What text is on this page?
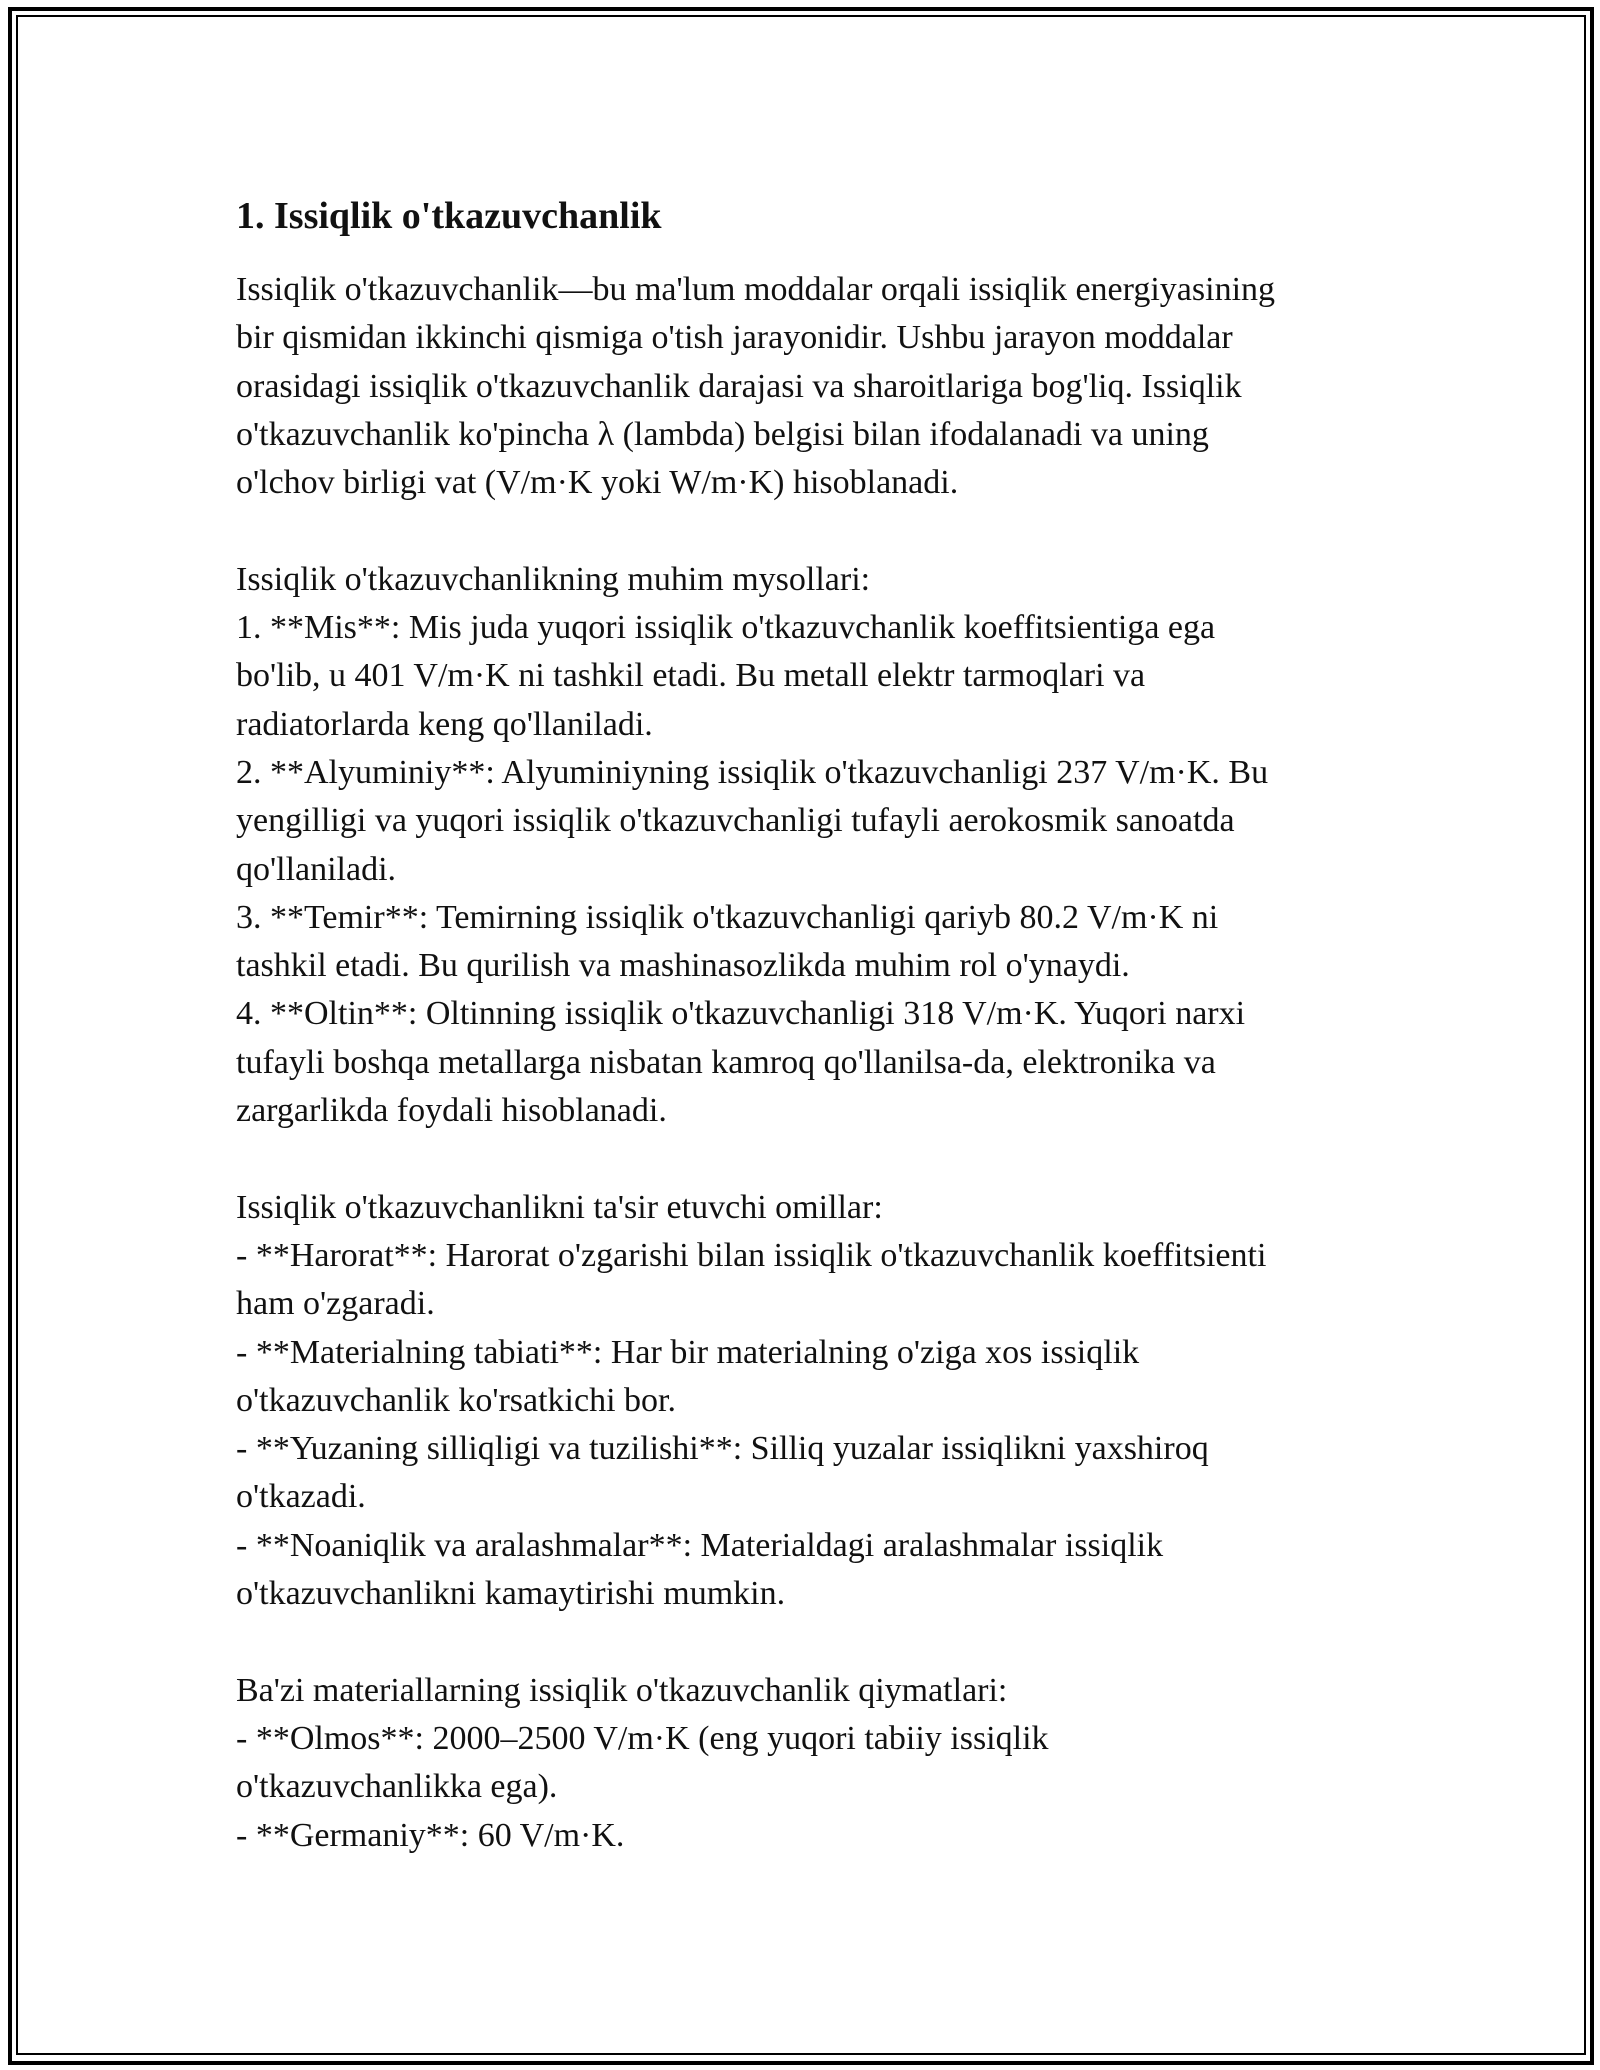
1. Issiqlik o'tkazuvchanlik

Issiqlik o'tkazuvchanlik—bu ma'lum moddalar orqali issiqlik energiyasining

bir qismidan ikkinchi qismiga o'tish jarayonidir. Ushbu jarayon moddalar

orasidagi issiqlik o'tkazuvchanlik darajasi va sharoitlariga bog'liq. Issiqlik

o'tkazuvchanlik ko'pincha λ (lambda) belgisi bilan ifodalanadi va uning

o'lchov birligi vat (V/m·K yoki W/m·K) hisoblanadi.

Issiqlik o'tkazuvchanlikning muhim mysollari:

1. **Mis**: Mis juda yuqori issiqlik o'tkazuvchanlik koeffitsientiga ega

bo'lib, u 401 V/m·K ni tashkil etadi. Bu metall elektr tarmoqlari va

radiatorlarda keng qo'llaniladi.

2. **Alyuminiy**: Alyuminiyning issiqlik o'tkazuvchanligi 237 V/m·K. Bu

yengilligi va yuqori issiqlik o'tkazuvchanligi tufayli aerokosmik sanoatda

qo'llaniladi.

3. **Temir**: Temirning issiqlik o'tkazuvchanligi qariyb 80.2 V/m·K ni

tashkil etadi. Bu qurilish va mashinasozlikda muhim rol o'ynaydi.

4. **Oltin**: Oltinning issiqlik o'tkazuvchanligi 318 V/m·K. Yuqori narxi

tufayli boshqa metallarga nisbatan kamroq qo'llanilsa-da, elektronika va

zargarlikda foydali hisoblanadi.

Issiqlik o'tkazuvchanlikni ta'sir etuvchi omillar:

- **Harorat**: Harorat o'zgarishi bilan issiqlik o'tkazuvchanlik koeffitsienti

ham o'zgaradi.

- **Materialning tabiati**: Har bir materialning o'ziga xos issiqlik

o'tkazuvchanlik ko'rsatkichi bor.

- **Yuzaning silliqligi va tuzilishi**: Silliq yuzalar issiqlikni yaxshiroq

o'tkazadi.

- **Noaniqlik va aralashmalar**: Materialdagi aralashmalar issiqlik

o'tkazuvchanlikni kamaytirishi mumkin.

Ba'zi materiallarning issiqlik o'tkazuvchanlik qiymatlari:

- **Olmos**: 2000–2500 V/m·K (eng yuqori tabiiy issiqlik

o'tkazuvchanlikka ega).

- **Germaniy**: 60 V/m·K.
